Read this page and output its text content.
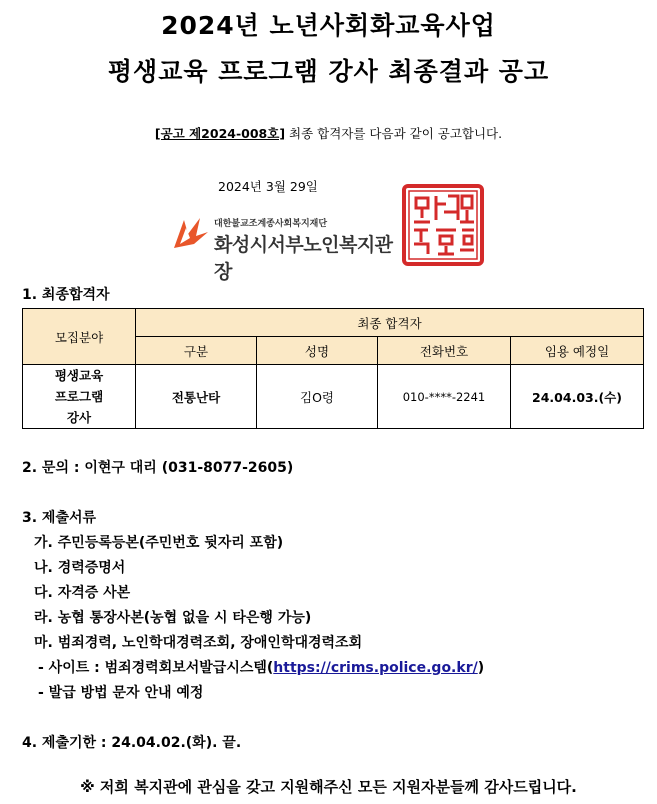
2024년 노년사회화교육사업
평생교육 프로그램 강사 최종결과 공고
[공고 제2024-008호] 최종 합격자를 다음과 같이 공고합니다.
2024년 3월 29일
대한불교조계종사회복지재단
화성시서부노인복지관장
1. 최종합격자
모집분야	최종 합격자			
	구분	성명	전화번호	임용 예정일
평생교육
프로그램
강사	전통난타	김O령	010-****-2241	24.04.03.(수)
2. 문의 : 이현구 대리 (031-8077-2605)
3. 제출서류
가. 주민등록등본(주민번호 뒷자리 포함)
나. 경력증명서
다. 자격증 사본
라. 농협 통장사본(농협 없을 시 타은행 가능)
마. 범죄경력, 노인학대경력조회, 장애인학대경력조회
- 사이트 : 범죄경력회보서발급시스템(https://crims.police.go.kr/)
- 발급 방법 문자 안내 예정
4. 제출기한 : 24.04.02.(화). 끝.
※ 저희 복지관에 관심을 갖고 지원해주신 모든 지원자분들께 감사드립니다.
